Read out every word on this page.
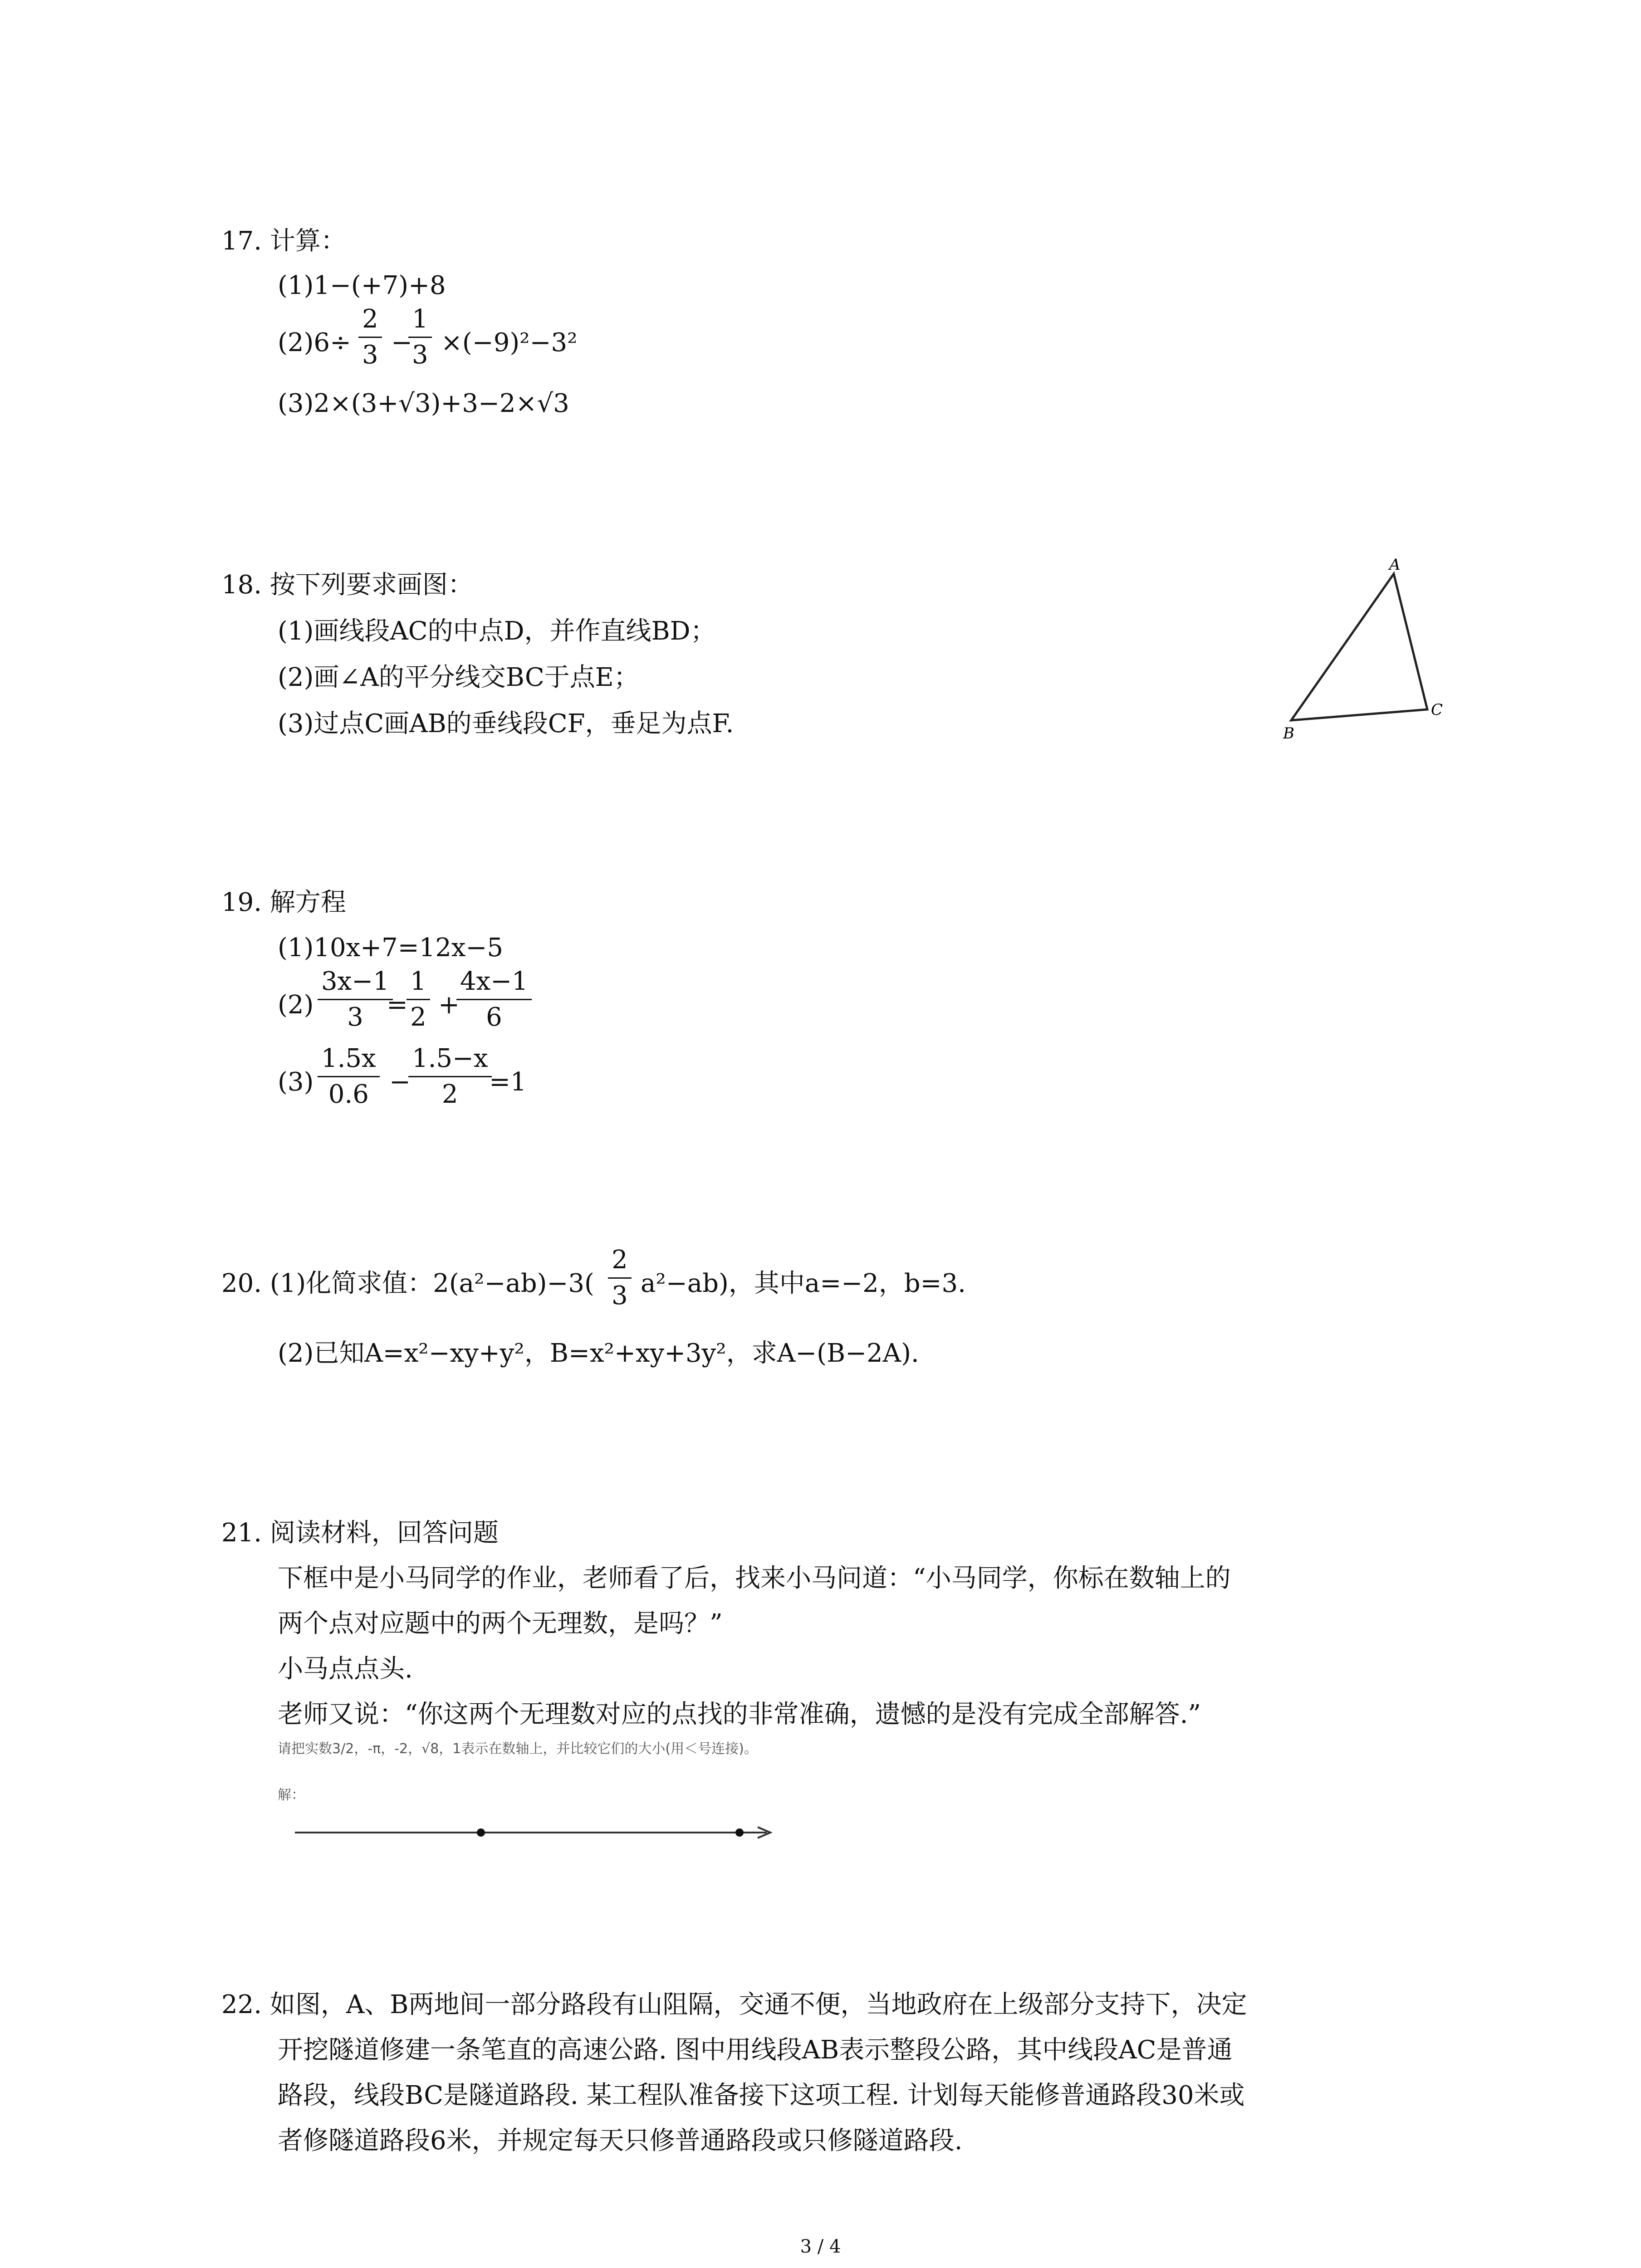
17. 计算：
(1)1−(+7)+8
$(2)6\div \frac{2}{3}$ −
$\frac{1}{3} \times(-9)^2-3^2$
(3)2×(3+√3)+3−2×√3
18. 按下列要求画图：
(1)画线段AC的中点D，并作直线BD；
(2)画∠A的平分线交BC于点E；
(3)过点C画AB的垂线段CF，垂足为点F.
A
B
C
19. 解方程
(1)10x+7=12x−5
$(2) \frac{3x-1}{3}$
=
$\frac{1}{2}$ +
$\frac{4x-1}{6}$
$(3) \frac{1.5x}{0.6}$ −
$\frac{1.5-x}{2}$
=1
20. (1)化简求值：$2(a^2-ab)-3( \frac{2}{3} a^2-ab)$，其中a=−2，b=3.
(2)已知A=x²−xy+y²，B=x²+xy+3y²，求A−(B−2A).
21. 阅读材料，回答问题
下框中是小马同学的作业，老师看了后，找来小马问道：“小马同学，你标在数轴上的
两个点对应题中的两个无理数，是吗？”
小马点点头.
老师又说：“你这两个无理数对应的点找的非常准确，遗憾的是没有完成全部解答.”
请把实数3/2，-π，-2，√8，1表示在数轴上，并比较它们的大小(用＜号连接)。
解：
22. 如图，A、B两地间一部分路段有山阻隔，交通不便，当地政府在上级部分支持下，决定
开挖隧道修建一条笔直的高速公路. 图中用线段AB表示整段公路，其中线段AC是普通
路段，线段BC是隧道路段. 某工程队准备接下这项工程. 计划每天能修普通路段30米或
者修隧道路段6米，并规定每天只修普通路段或只修隧道路段.
3 / 4
